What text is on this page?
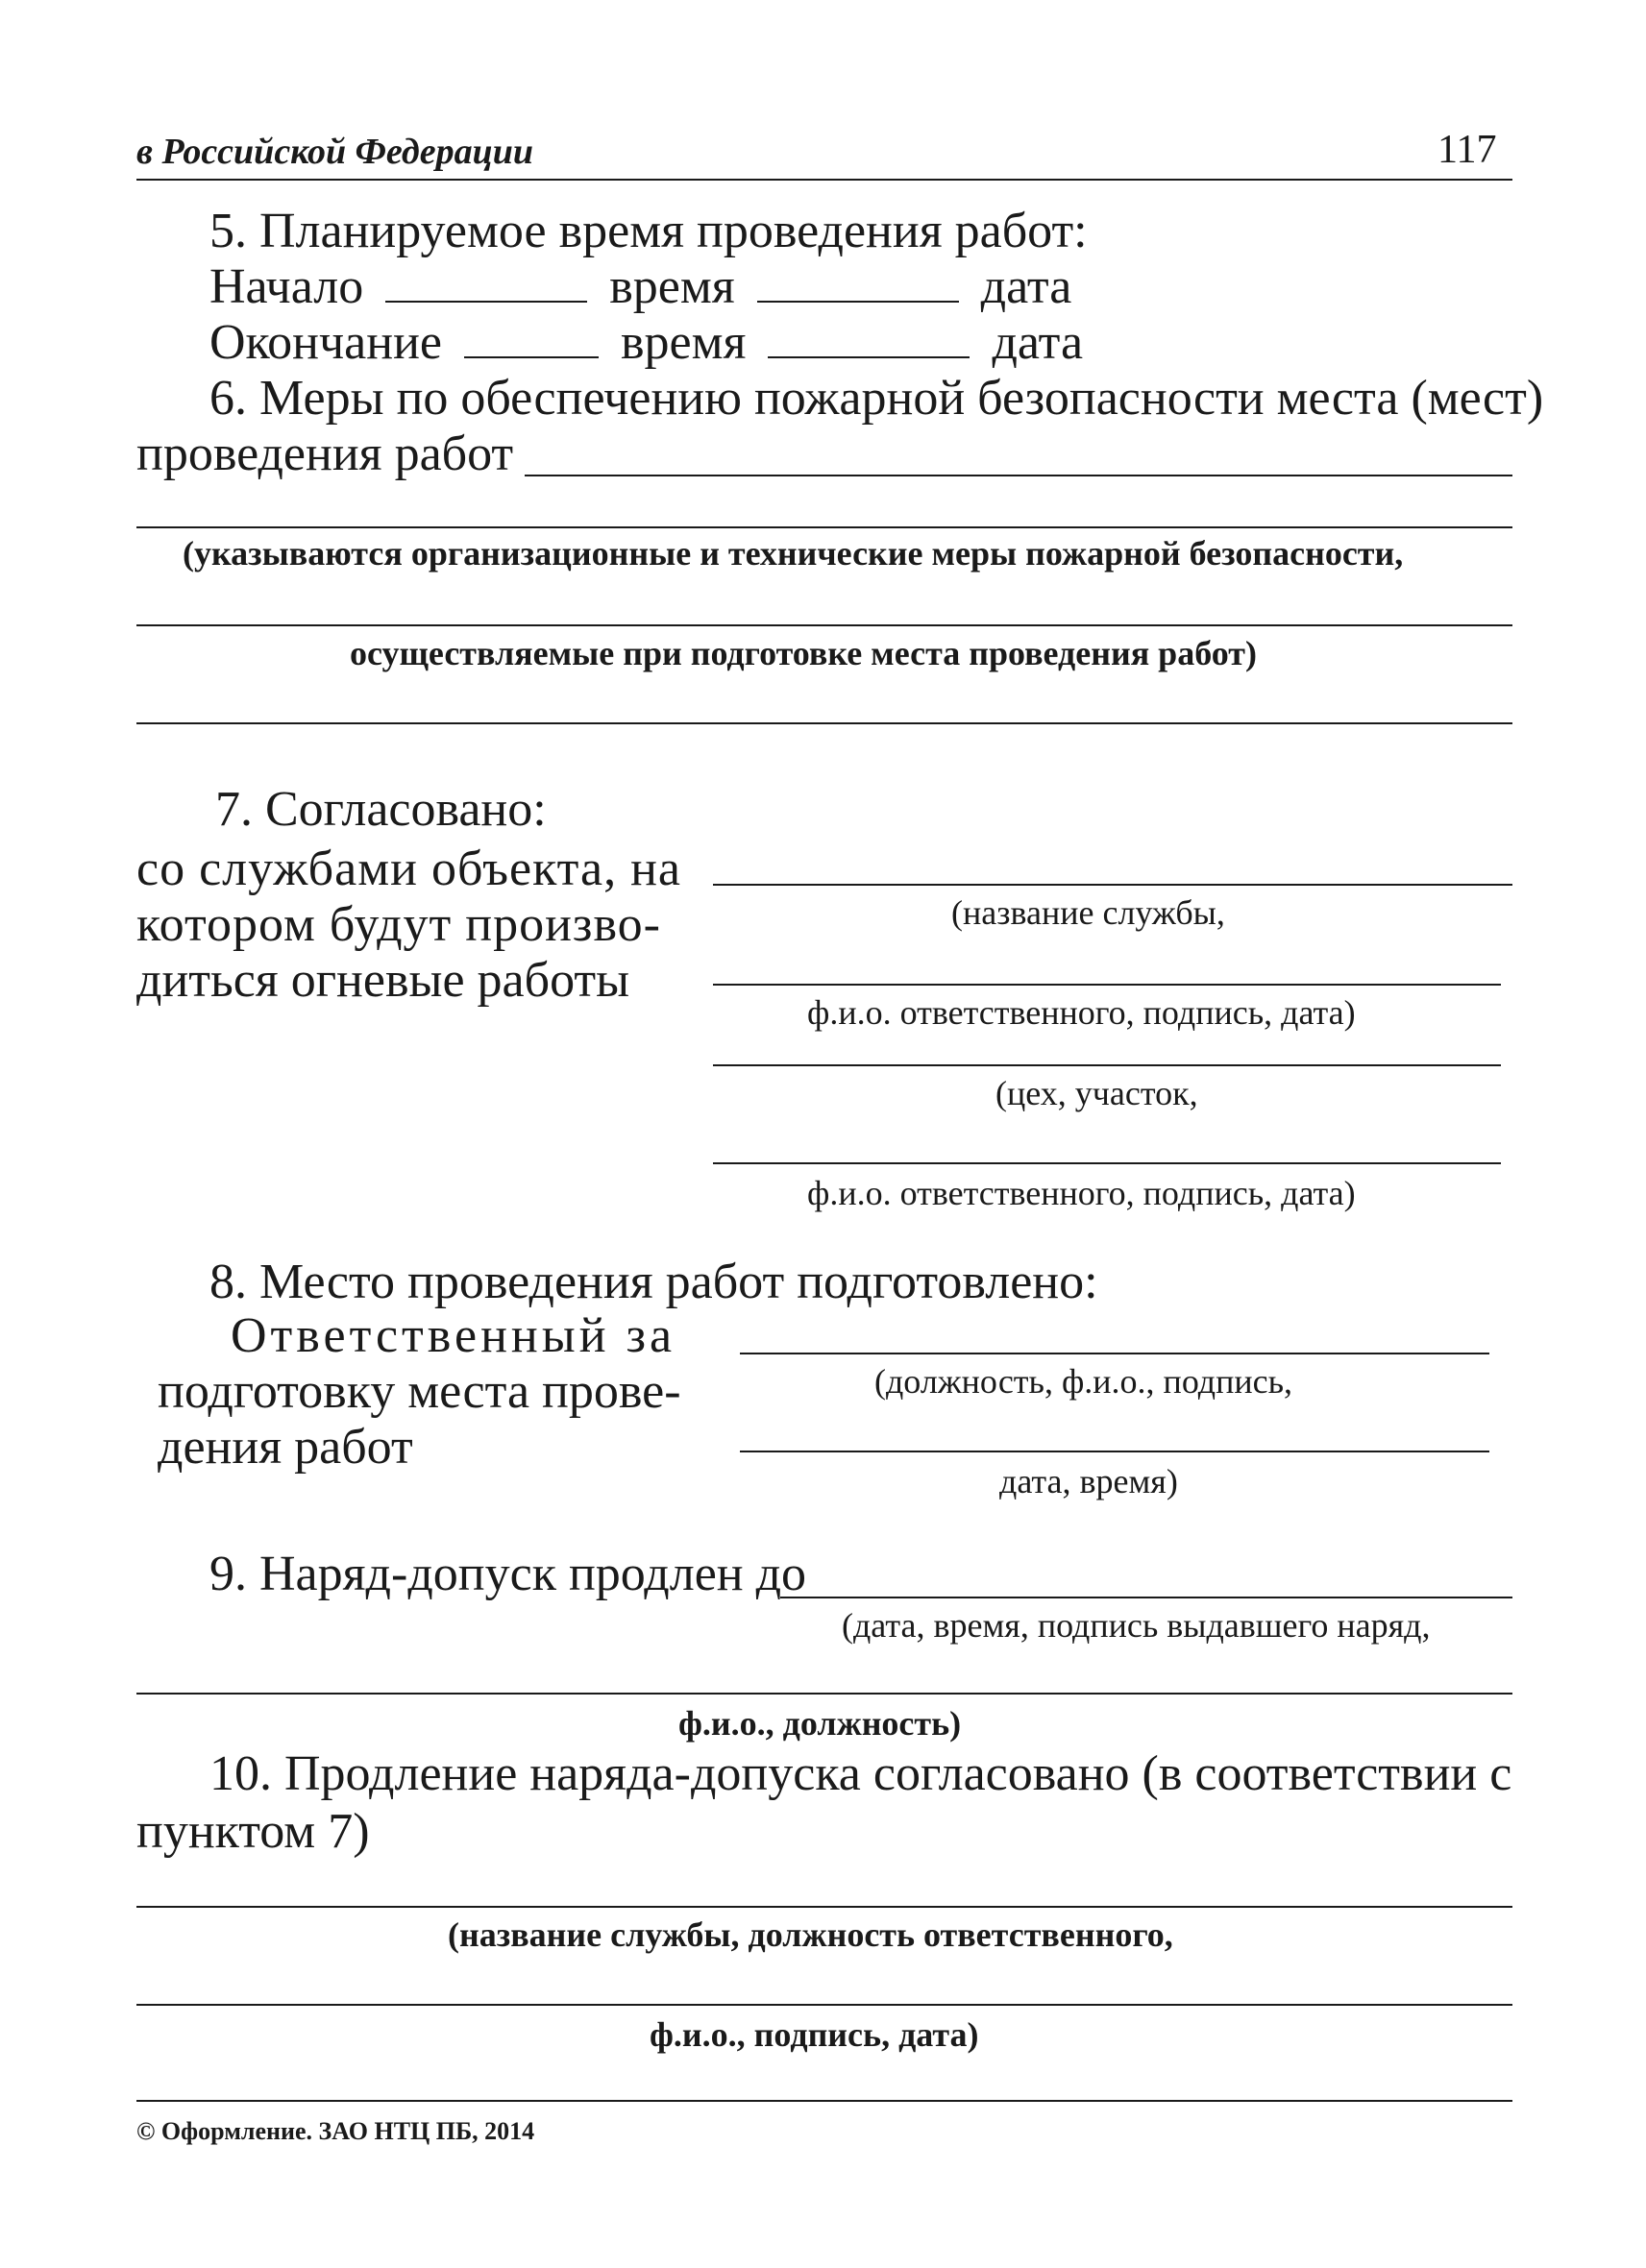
в Российской Федерации	117
5. Планируемое время проведения работ:
Начало	время	дата
Окончание	время	дата
6. Меры по обеспечению пожарной безопасности места (мест)
проведения работ
(указываются организационные и технические меры пожарной безопасности,
осуществляемые при подготовке места проведения работ)
7. Согласовано:
со службами объекта, на
котором будут произво-
диться огневые работы
(название службы,
ф.и.о. ответственного, подпись, дата)
(цех, участок,
ф.и.о. ответственного, подпись, дата)
8. Место проведения работ подготовлено:
Ответственный за
подготовку места прове-
дения работ
(должность, ф.и.о., подпись,
дата, время)
9. Наряд-допуск продлен до
(дата, время, подпись выдавшего наряд,
ф.и.о., должность)
10. Продление наряда-допуска согласовано (в соответствии с
пунктом 7)
(название службы, должность ответственного,
ф.и.о., подпись, дата)
© Оформление. ЗАО НТЦ ПБ, 2014
